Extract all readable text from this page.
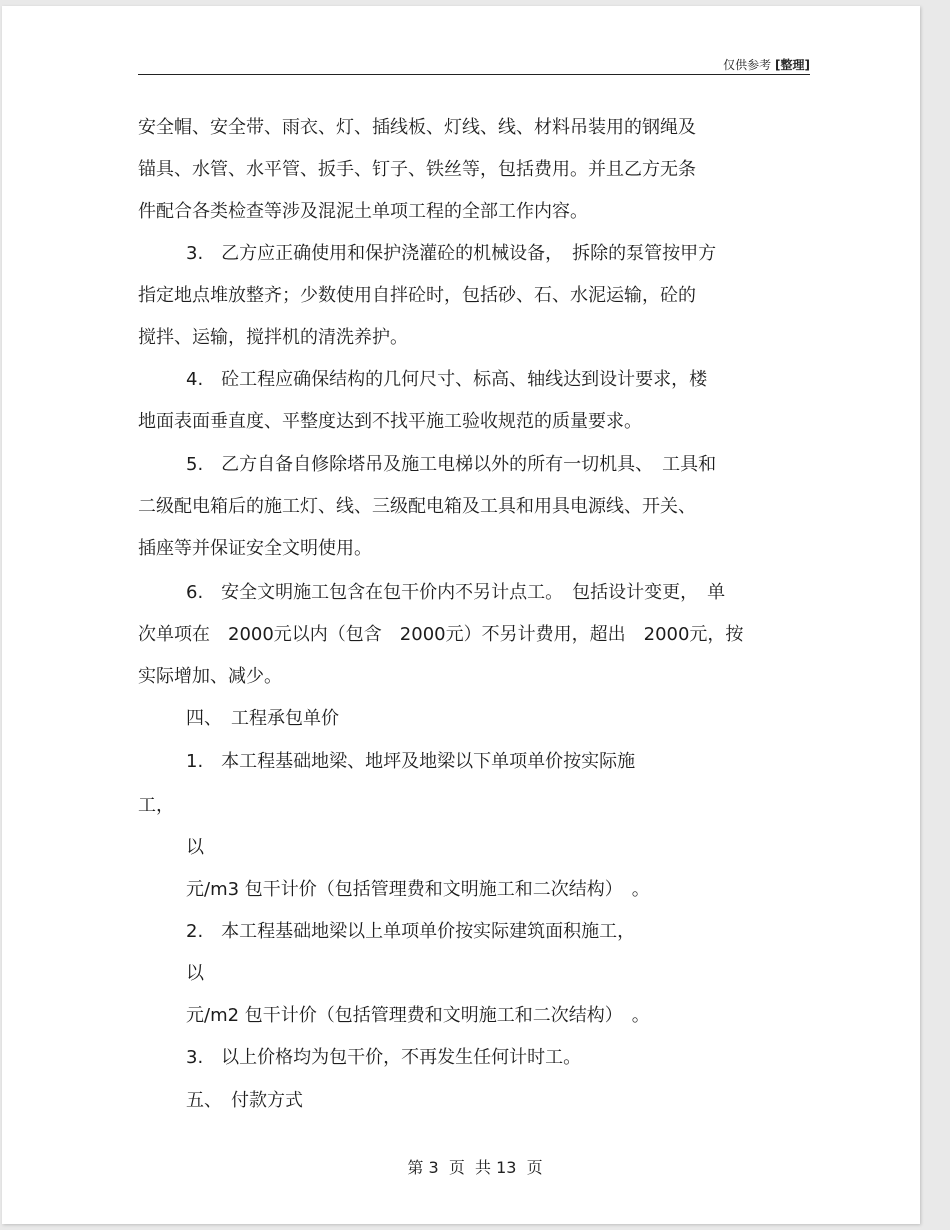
仅供参考 [整理]
安全帽、安全带、雨衣、灯、插线板、灯线、线、材料吊装用的钢绳及
锚具、水管、水平管、扳手、钉子、铁丝等，包括费用。并且乙方无条
件配合各类检查等涉及混泥土单项工程的全部工作内容。
3.　乙方应正确使用和保护浇灌砼的机械设备，　拆除的泵管按甲方
指定地点堆放整齐；少数使用自拌砼时，包括砂、石、水泥运输，砼的
搅拌、运输，搅拌机的清洗养护。
4.　砼工程应确保结构的几何尺寸、标高、轴线达到设计要求，楼
地面表面垂直度、平整度达到不找平施工验收规范的质量要求。
5.　乙方自备自修除塔吊及施工电梯以外的所有一切机具、　工具和
二级配电箱后的施工灯、线、三级配电箱及工具和用具电源线、开关、
插座等并保证安全文明使用。
6.　安全文明施工包含在包干价内不另计点工。　包括设计变更，　单
次单项在　2000元以内（包含　2000元）不另计费用，超出　2000元，按
实际增加、减少。
四、　工程承包单价
1.　本工程基础地梁、地坪及地梁以下单项单价按实际施
工，
以
元/m3 包干计价（包括管理费和文明施工和二次结构）　。
2.　本工程基础地梁以上单项单价按实际建筑面积施工，
以
元/m2 包干计价（包括管理费和文明施工和二次结构）　。
3.　以上价格均为包干价，不再发生任何计时工。
五、　付款方式
第 3  页  共 13  页
